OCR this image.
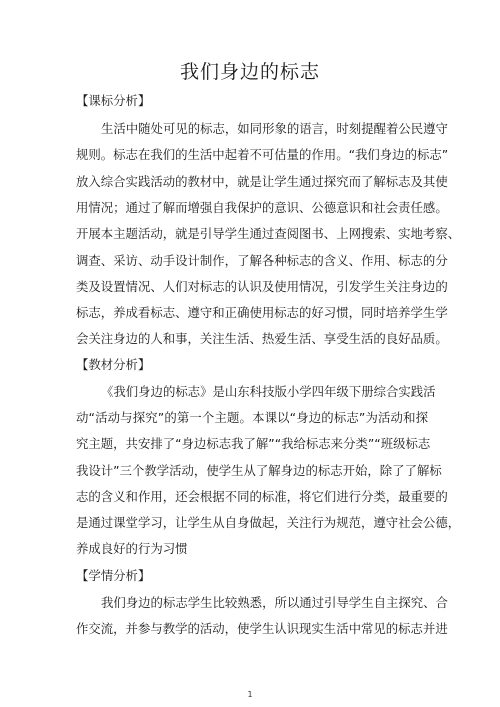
我们身边的标志
【课标分析】
生活中随处可见的标志，如同形象的语言，时刻提醒着公民遵守
规则。标志在我们的生活中起着不可估量的作用。“我们身边的标志”
放入综合实践活动的教材中，就是让学生通过探究而了解标志及其使
用情况；通过了解而增强自我保护的意识、公德意识和社会责任感。
开展本主题活动，就是引导学生通过查阅图书、上网搜索、实地考察、
调查、采访、动手设计制作，了解各种标志的含义、作用、标志的分
类及设置情况、人们对标志的认识及使用情况，引发学生关注身边的
标志，养成看标志、遵守和正确使用标志的好习惯，同时培养学生学
会关注身边的人和事，关注生活、热爱生活、享受生活的良好品质。
【教材分析】
《我们身边的标志》是山东科技版小学四年级下册综合实践活
动“活动与探究”的第一个主题。本课以“身边的标志”为活动和探
究主题，共安排了“身边标志我了解”“我给标志来分类”“班级标志
我设计”三个教学活动，使学生从了解身边的标志开始，除了了解标
志的含义和作用，还会根据不同的标准，将它们进行分类，最重要的
是通过课堂学习，让学生从自身做起，关注行为规范，遵守社会公德，
养成良好的行为习惯
【学情分析】
我们身边的标志学生比较熟悉，所以通过引导学生自主探究、合
作交流，并参与教学的活动，使学生认识现实生活中常见的标志并进
1
